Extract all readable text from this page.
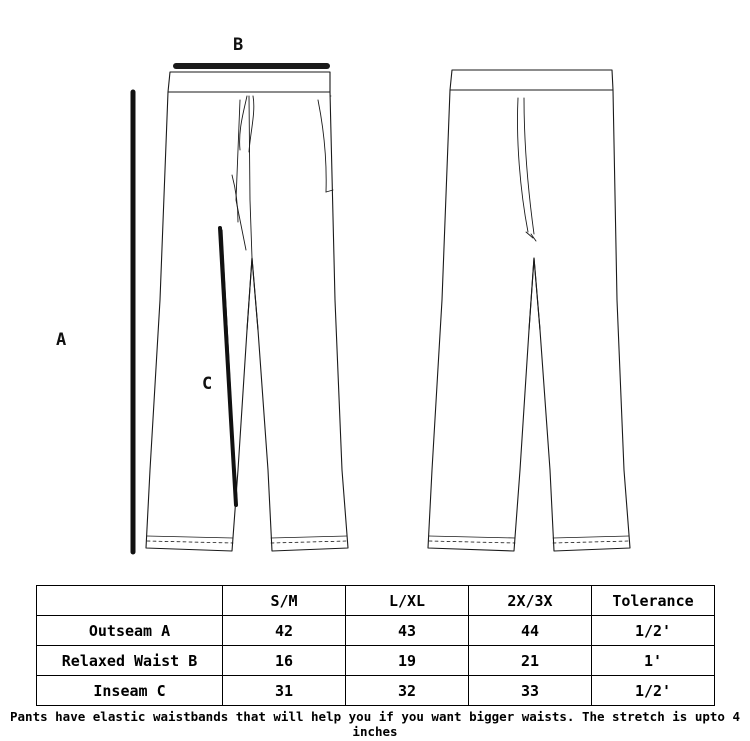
B
A
C
	S/M	L/XL	2X/3X	Tolerance
Outseam A	42	43	44	1/2'
Relaxed Waist B	16	19	21	1'
Inseam C	31	32	33	1/2'
Pants have elastic waistbands that will help you if you want bigger waists. The stretch is upto 4 inches
